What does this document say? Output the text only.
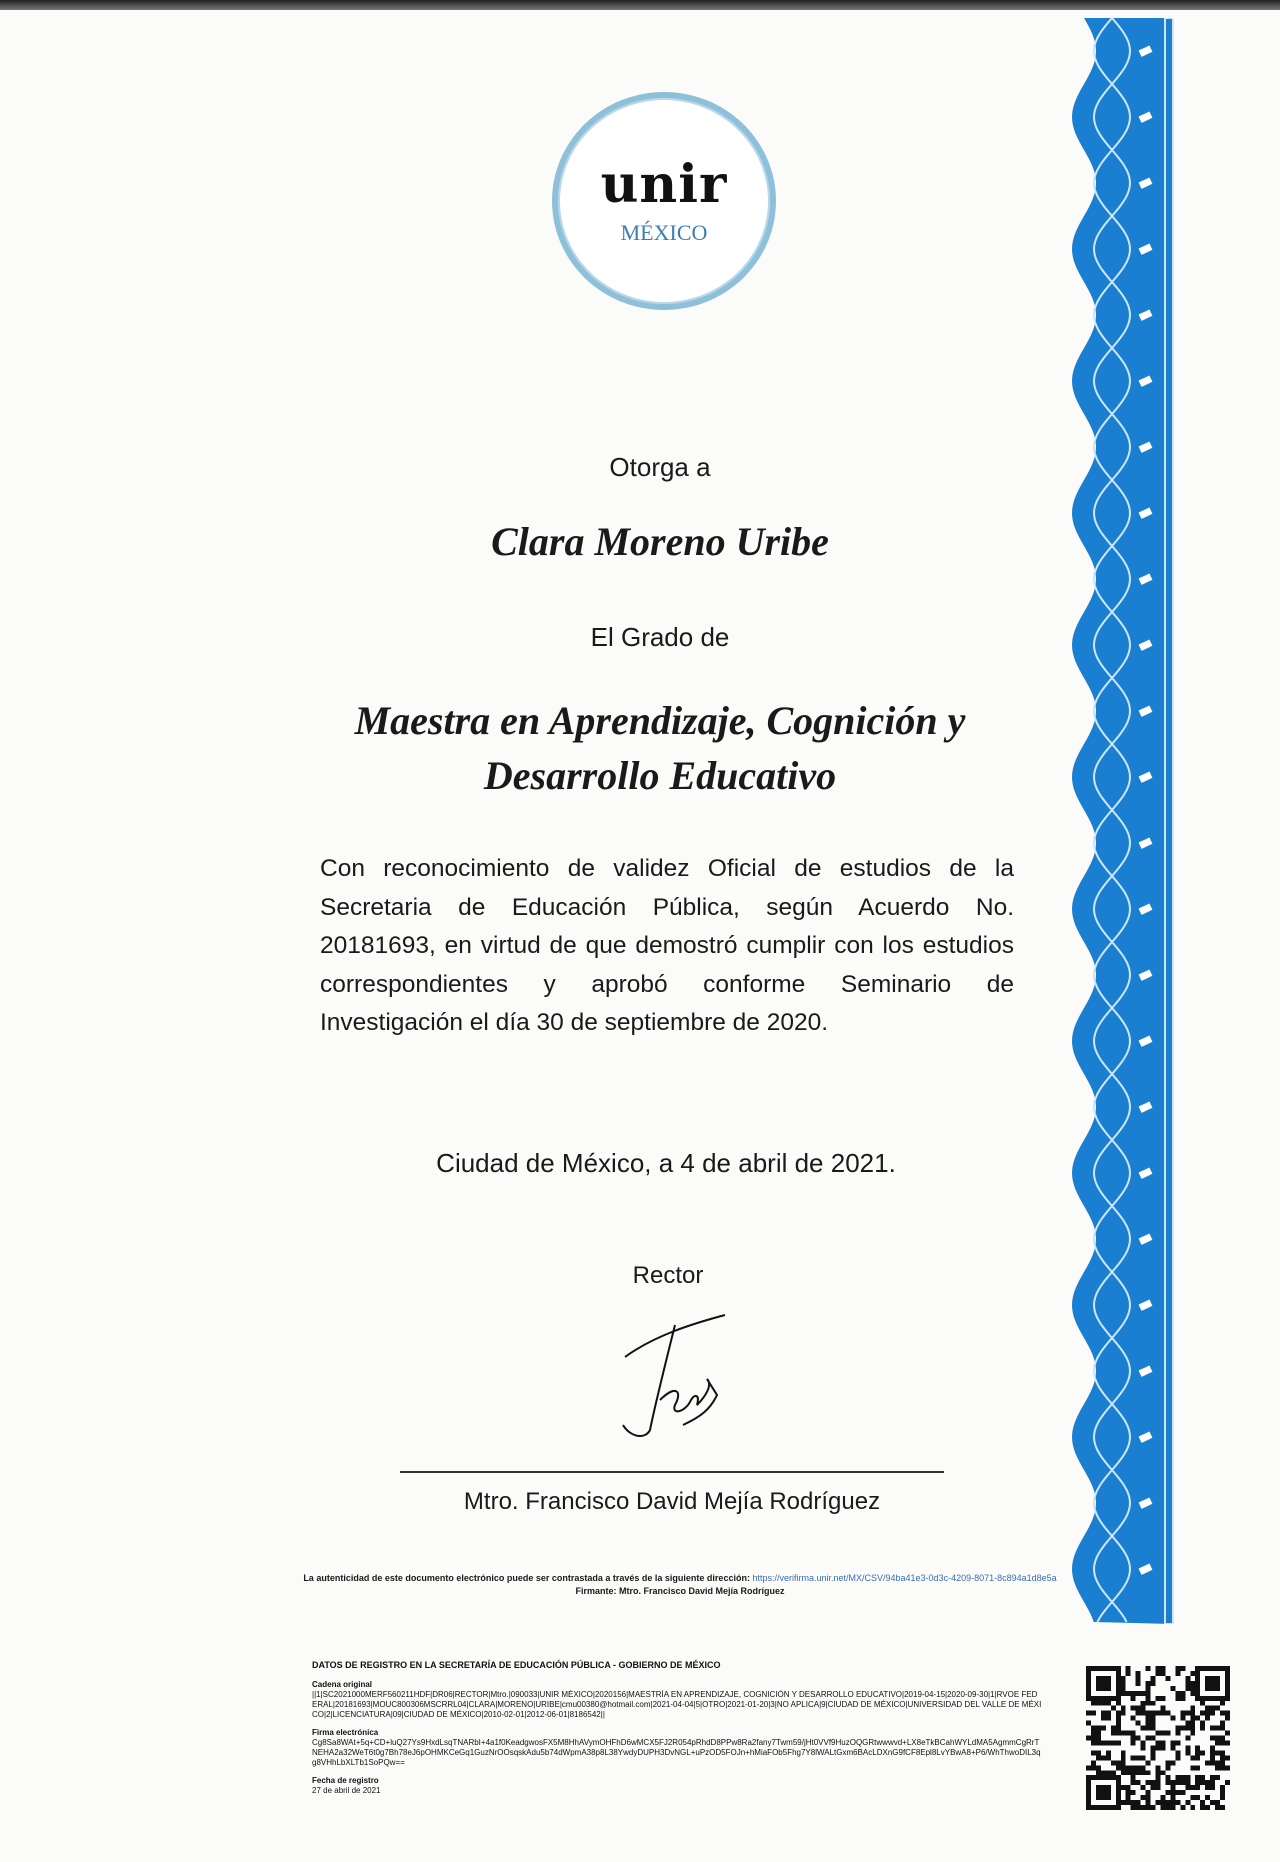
unir
MÉXICO
Otorga a
Clara Moreno Uribe
El Grado de
Maestra en Aprendizaje, Cognición y
Desarrollo Educativo
Con reconocimiento de validez Oficial de estudios de la Secretaria de Educación Pública, según Acuerdo No. 20181693, en virtud de que demostró cumplir con los estudios correspondientes y aprobó conforme Seminario de Investigación el día 30 de septiembre de 2020.
Ciudad de México, a 4 de abril de 2021.
Rector
Mtro. Francisco David Mejía Rodríguez
La autenticidad de este documento electrónico puede ser contrastada a través de la siguiente dirección: https://verifirma.unir.net/MX/CSV/94ba41e3-0d3c-4209-8071-8c894a1d8e5a
Firmante: Mtro. Francisco David Mejía Rodríguez
DATOS DE REGISTRO EN LA SECRETARÍA DE EDUCACIÓN PÚBLICA - GOBIERNO DE MÉXICO
Cadena original
||1|SC2021000MERF560211HDF|DR06|RECTOR|Mtro.|090033|UNIR MÉXICO|2020156|MAESTRÍA EN APRENDIZAJE, COGNICIÓN Y DESARROLLO EDUCATIVO|2019-04-15|2020-09-30|1|RVOE FEDERAL|20181693|MOUC800306MSCRRL04|CLARA|MORENO|URIBE|cmu00380@hotmail.com|2021-04-04|5|OTRO|2021-01-20|3|NO APLICA|9|CIUDAD DE MÉXICO|UNIVERSIDAD DEL VALLE DE MÉXICO|2|LICENCIATURA|09|CIUDAD DE MÉXICO|2010-02-01|2012-06-01|8186542||
Firma electrónica
Cg8Sa8WAt+5q+CD+luQ27Ys9HxdLsqTNARbI+4a1f0KeadgwosFX5M8HhAVymOHFhD6wMCX5FJ2R054pRhdD8PPw8Ra2fany7Twm59/jHt0VVf9HuzOQGRtwwwvd+LX8eTkBCahWYLdMA5AgmmCgRrTNEHA2a32WeT6t0g7Bh78eJ6pOHMKCeGq1GuzNrOOsqskAdu5b74dWpmA38p8L38YwdyDUPH3DvNGL+uPzOD5FOJn+hMiaFOb5Fhg7Y8lWALtGxm6BAcLDXnG9fCF8Epl8LvYBwA8+P6/WhThwoDIL3qg8VHhLbXLTb1SoPQw==
Fecha de registro
27 de abril de 2021
